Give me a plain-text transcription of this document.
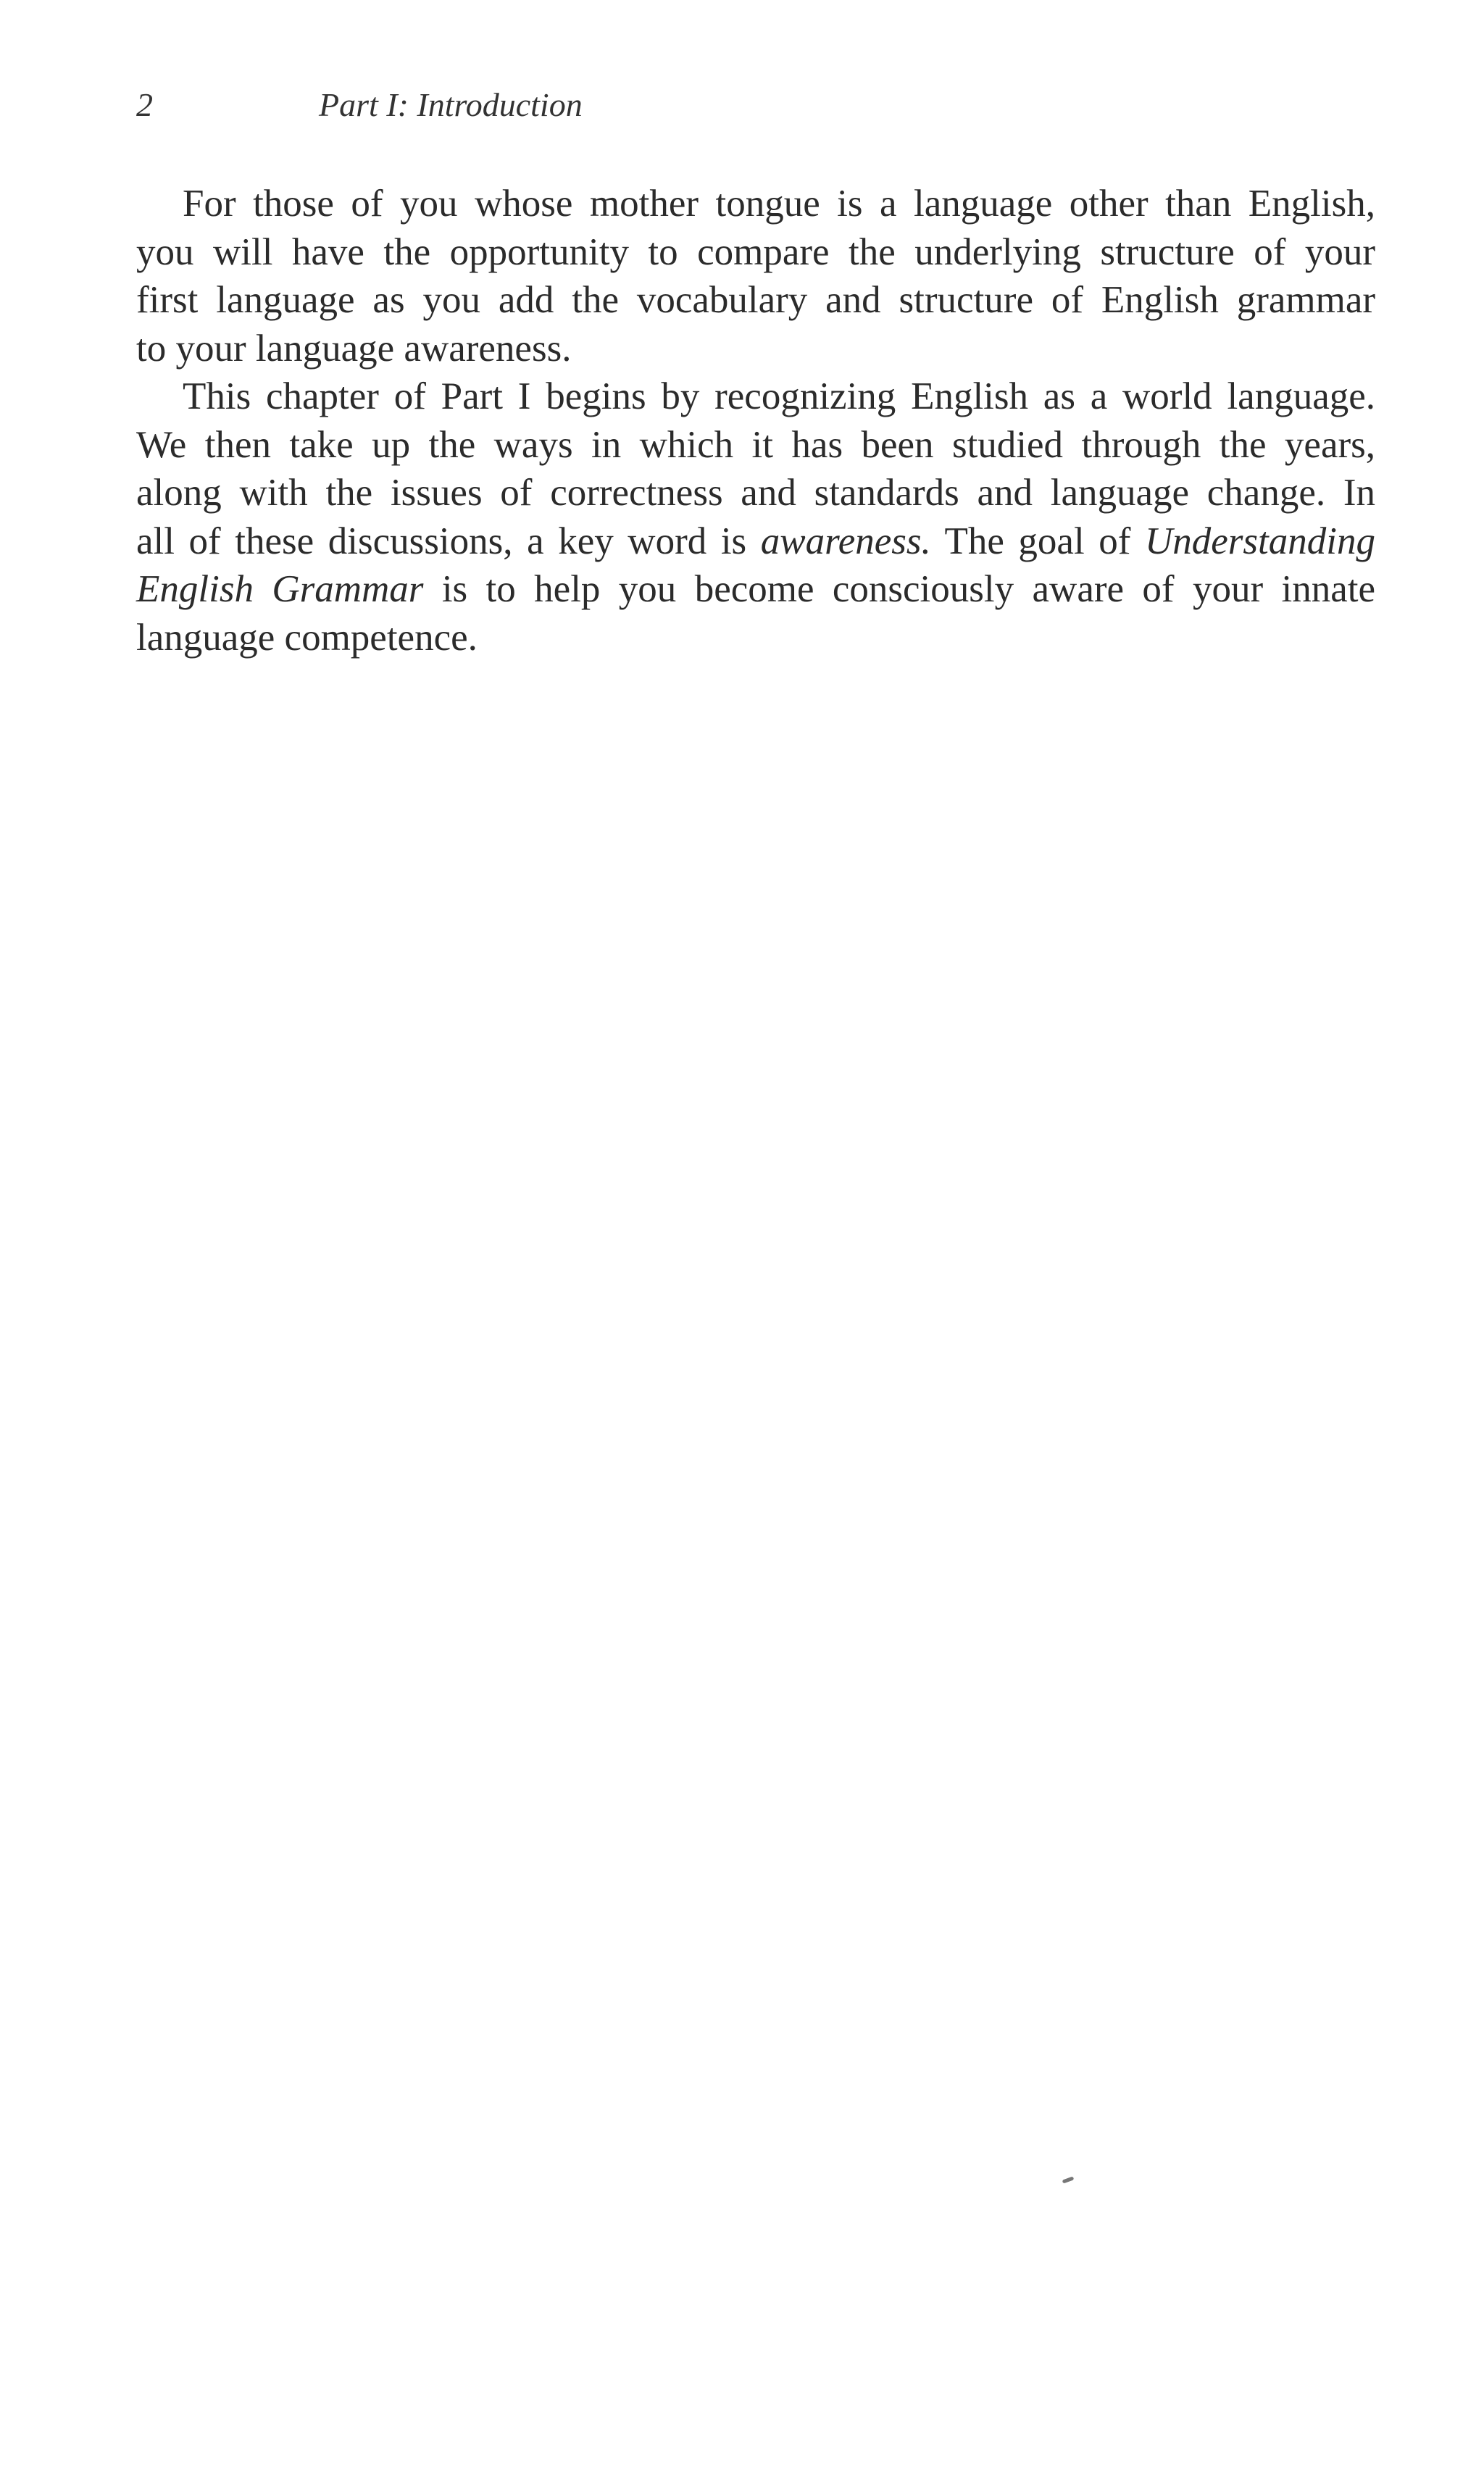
2	Part I: Introduction

For those of you whose mother tongue is a language other than English,
you will have the opportunity to compare the underlying structure of your
first language as you add the vocabulary and structure of English grammar
to your language awareness.

This chapter of Part I begins by recognizing English as a world language.
We then take up the ways in which it has been studied through the years,
along with the issues of correctness and standards and language change. In
all of these discussions, a key word is awareness. The goal of Understanding
English Grammar is to help you become consciously aware of your innate
language competence.
